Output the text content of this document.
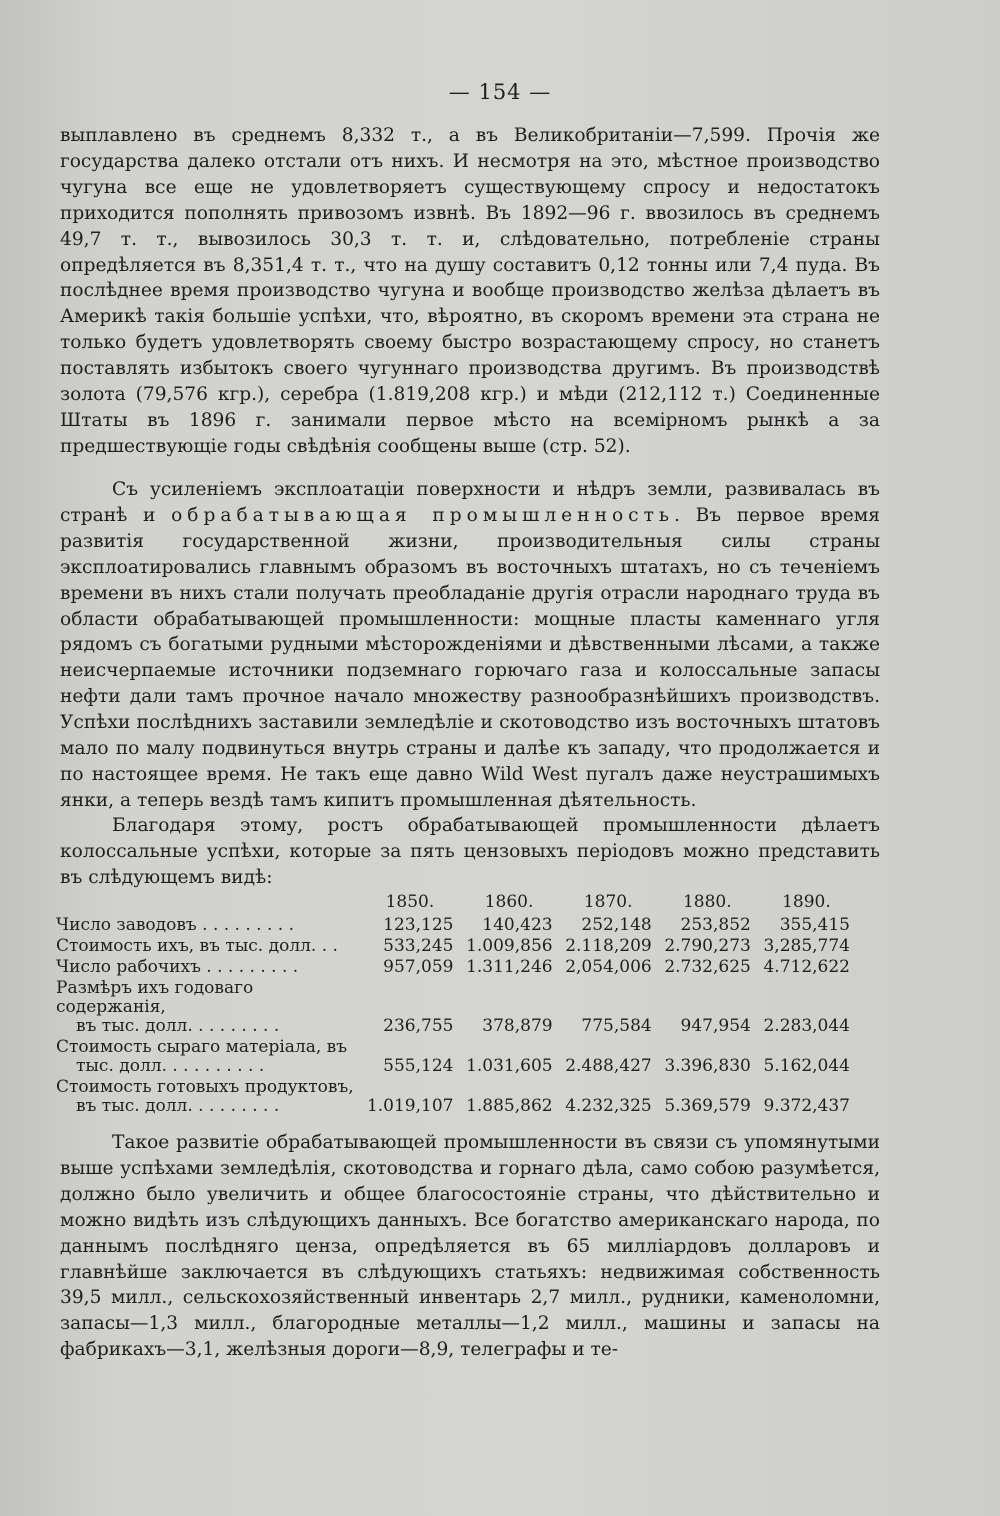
— 154 —

выплавлено въ среднемъ 8,332 т., а въ Великобританіи—7,599. Прочія же государства далеко отстали отъ нихъ. И несмотря на это, мѣстное производство чугуна все еще не удовлетворяетъ существующему спросу и недостатокъ приходится пополнять привозомъ извнѣ. Въ 1892—96 г. ввозилось въ среднемъ 49,7 т. т., вывозилось 30,3 т. т. и, слѣдовательно, потребленіе страны опредѣляется въ 8,351,4 т. т., что на душу составитъ 0,12 тонны или 7,4 пуда. Въ послѣднее время производство чугуна и вообще производство желѣза дѣлаетъ въ Америкѣ такія большіе успѣхи, что, вѣроятно, въ скоромъ времени эта страна не только будетъ удовлетворять своему быстро возрастающему спросу, но станетъ поставлять избытокъ своего чугуннаго производства другимъ. Въ производствѣ золота (79,576 кгр.), серебра (1.819,208 кгр.) и мѣди (212,112 т.) Соединенные Штаты въ 1896 г. занимали первое мѣсто на всемірномъ рынкѣ а за предшествующіе годы свѣдѣнія сообщены выше (стр. 52).

Съ усиленіемъ эксплоатаціи поверхности и нѣдръ земли, развивалась въ странѣ и обрабатывающая промышленность. Въ первое время развитія государственной жизни, производительныя силы страны эксплоатировались главнымъ образомъ въ восточныхъ штатахъ, но съ теченіемъ времени въ нихъ стали получать преобладаніе другія отрасли народнаго труда въ области обрабатывающей промышленности: мощные пласты каменнаго угля рядомъ съ богатыми рудными мѣсторожденіями и дѣвственными лѣсами, а также неисчерпаемые источники подземнаго горючаго газа и колоссальные запасы нефти дали тамъ прочное начало множеству разнообразнѣйшихъ производствъ. Успѣхи послѣднихъ заставили земледѣліе и скотоводство изъ восточныхъ штатовъ мало по малу подвинуться внутрь страны и далѣе къ западу, что продолжается и по настоящее время. Не такъ еще давно Wild West пугалъ даже неустрашимыхъ янки, а теперь вездѣ тамъ кипитъ промышленная дѣятельность.

Благодаря этому, ростъ обрабатывающей промышленности дѣлаетъ колоссальные успѣхи, которые за пять цензовыхъ періодовъ можно представить въ слѣдующемъ видѣ:

	1850.	1860.	1870.	1880.	1890.
Число заводовъ . . . . . . . . .	123,125	140,423	252,148	253,852	355,415
Стоимость ихъ, въ тыс. долл. . .	533,245	1.009,856	2.118,209	2.790,273	3,285,774
Число рабочихъ . . . . . . . . .	957,059	1.311,246	2,054,006	2.732,625	4.712,622
Размѣръ ихъ годоваго содержанія,
въ тыс. долл. . . . . . . . .	236,755	378,879	775,584	947,954	2.283,044
Стоимость сыраго матеріала, въ
тыс. долл. . . . . . . . . .	555,124	1.031,605	2.488,427	3.396,830	5.162,044
Стоимость готовыхъ продуктовъ,
въ тыс. долл. . . . . . . . .	1.019,107	1.885,862	4.232,325	5.369,579	9.372,437

Такое развитіе обрабатывающей промышленности въ связи съ упомянутыми выше успѣхами земледѣлія, скотоводства и горнаго дѣла, само собою разумѣется, должно было увеличить и общее благосостояніе страны, что дѣйствительно и можно видѣть изъ слѣдующихъ данныхъ. Все богатство американскаго народа, по даннымъ послѣдняго ценза, опредѣляется въ 65 милліардовъ долларовъ и главнѣйше заключается въ слѣдующихъ статьяхъ: недвижимая собственность 39,5 милл., сельскохозяйственный инвентарь 2,7 милл., рудники, каменоломни, запасы—1,3 милл., благородные металлы—1,2 милл., машины и запасы на фабрикахъ—3,1, желѣзныя дороги—8,9, телеграфы и те-
